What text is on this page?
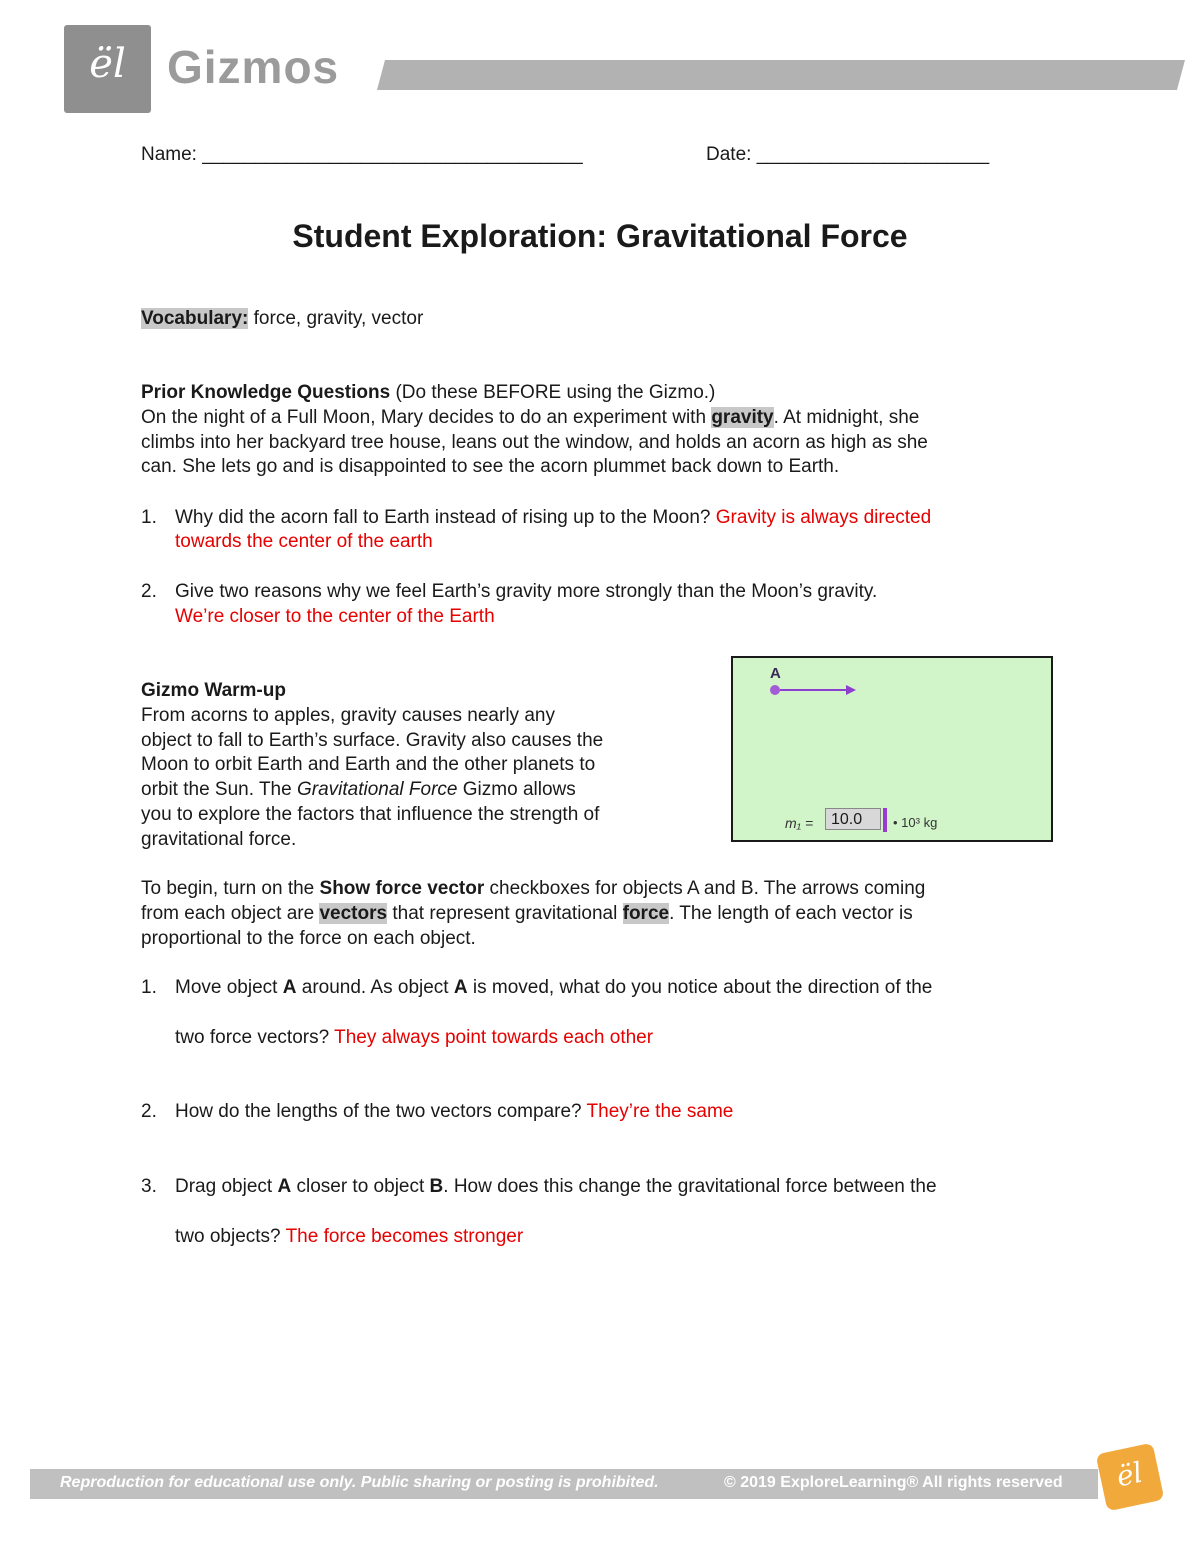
ël Gizmos
Name: ____________________________________	Date: ______________________
Student Exploration: Gravitational Force
Vocabulary: force, gravity, vector
Prior Knowledge Questions (Do these BEFORE using the Gizmo.)
On the night of a Full Moon, Mary decides to do an experiment with gravity. At midnight, she
climbs into her backyard tree house, leans out the window, and holds an acorn as high as she
can. She lets go and is disappointed to see the acorn plummet back down to Earth.
1. Why did the acorn fall to Earth instead of rising up to the Moon? Gravity is always directed
towards the center of the earth
2. Give two reasons why we feel Earth’s gravity more strongly than the Moon’s gravity.
We’re closer to the center of the Earth
Gizmo Warm-up
From acorns to apples, gravity causes nearly any
object to fall to Earth’s surface. Gravity also causes the
Moon to orbit Earth and Earth and the other planets to
orbit the Sun. The Gravitational Force Gizmo allows
you to explore the factors that influence the strength of
gravitational force.
A
m₁ =	10.0	• 10³ kg
To begin, turn on the Show force vector checkboxes for objects A and B. The arrows coming
from each object are vectors that represent gravitational force. The length of each vector is
proportional to the force on each object.
1. Move object A around. As object A is moved, what do you notice about the direction of the
two force vectors? They always point towards each other
2. How do the lengths of the two vectors compare? They’re the same
3. Drag object A closer to object B. How does this change the gravitational force between the
two objects? The force becomes stronger
Reproduction for educational use only. Public sharing or posting is prohibited.	© 2019 ExploreLearning® All rights reserved	ël
